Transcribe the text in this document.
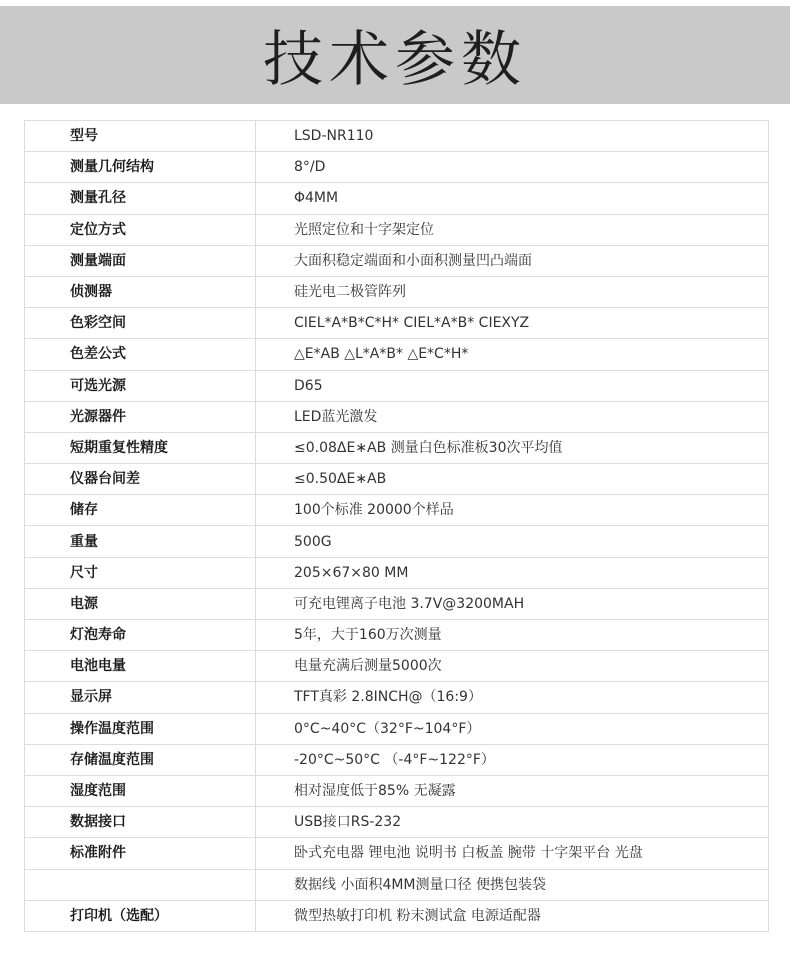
技术参数
型号	LSD-NR110
测量几何结构	8°/D
测量孔径	Φ4MM
定位方式	光照定位和十字架定位
测量端面	大面积稳定端面和小面积测量凹凸端面
侦测器	硅光电二极管阵列
色彩空间	CIEL*A*B*C*H* CIEL*A*B* CIEXYZ
色差公式	△E*AB △L*A*B* △E*C*H*
可选光源	D65
光源器件	LED蓝光激发
短期重复性精度	≤0.08ΔE∗AB 测量白色标准板30次平均值
仪器台间差	≤0.50ΔE∗AB
储存	100个标准 20000个样品
重量	500G
尺寸	205×67×80 MM
电源	可充电锂离子电池 3.7V@3200MAH
灯泡寿命	5年，大于160万次测量
电池电量	电量充满后测量5000次
显示屏	TFT真彩 2.8INCH@（16:9）
操作温度范围	0°C~40°C（32°F~104°F）
存储温度范围	-20°C~50°C （-4°F~122°F）
湿度范围	相对湿度低于85% 无凝露
数据接口	USB接口RS-232
标准附件	卧式充电器 锂电池 说明书 白板盖 腕带 十字架平台 光盘
	数据线 小面积4MM测量口径 便携包装袋
打印机（选配）	微型热敏打印机 粉末测试盒 电源适配器
